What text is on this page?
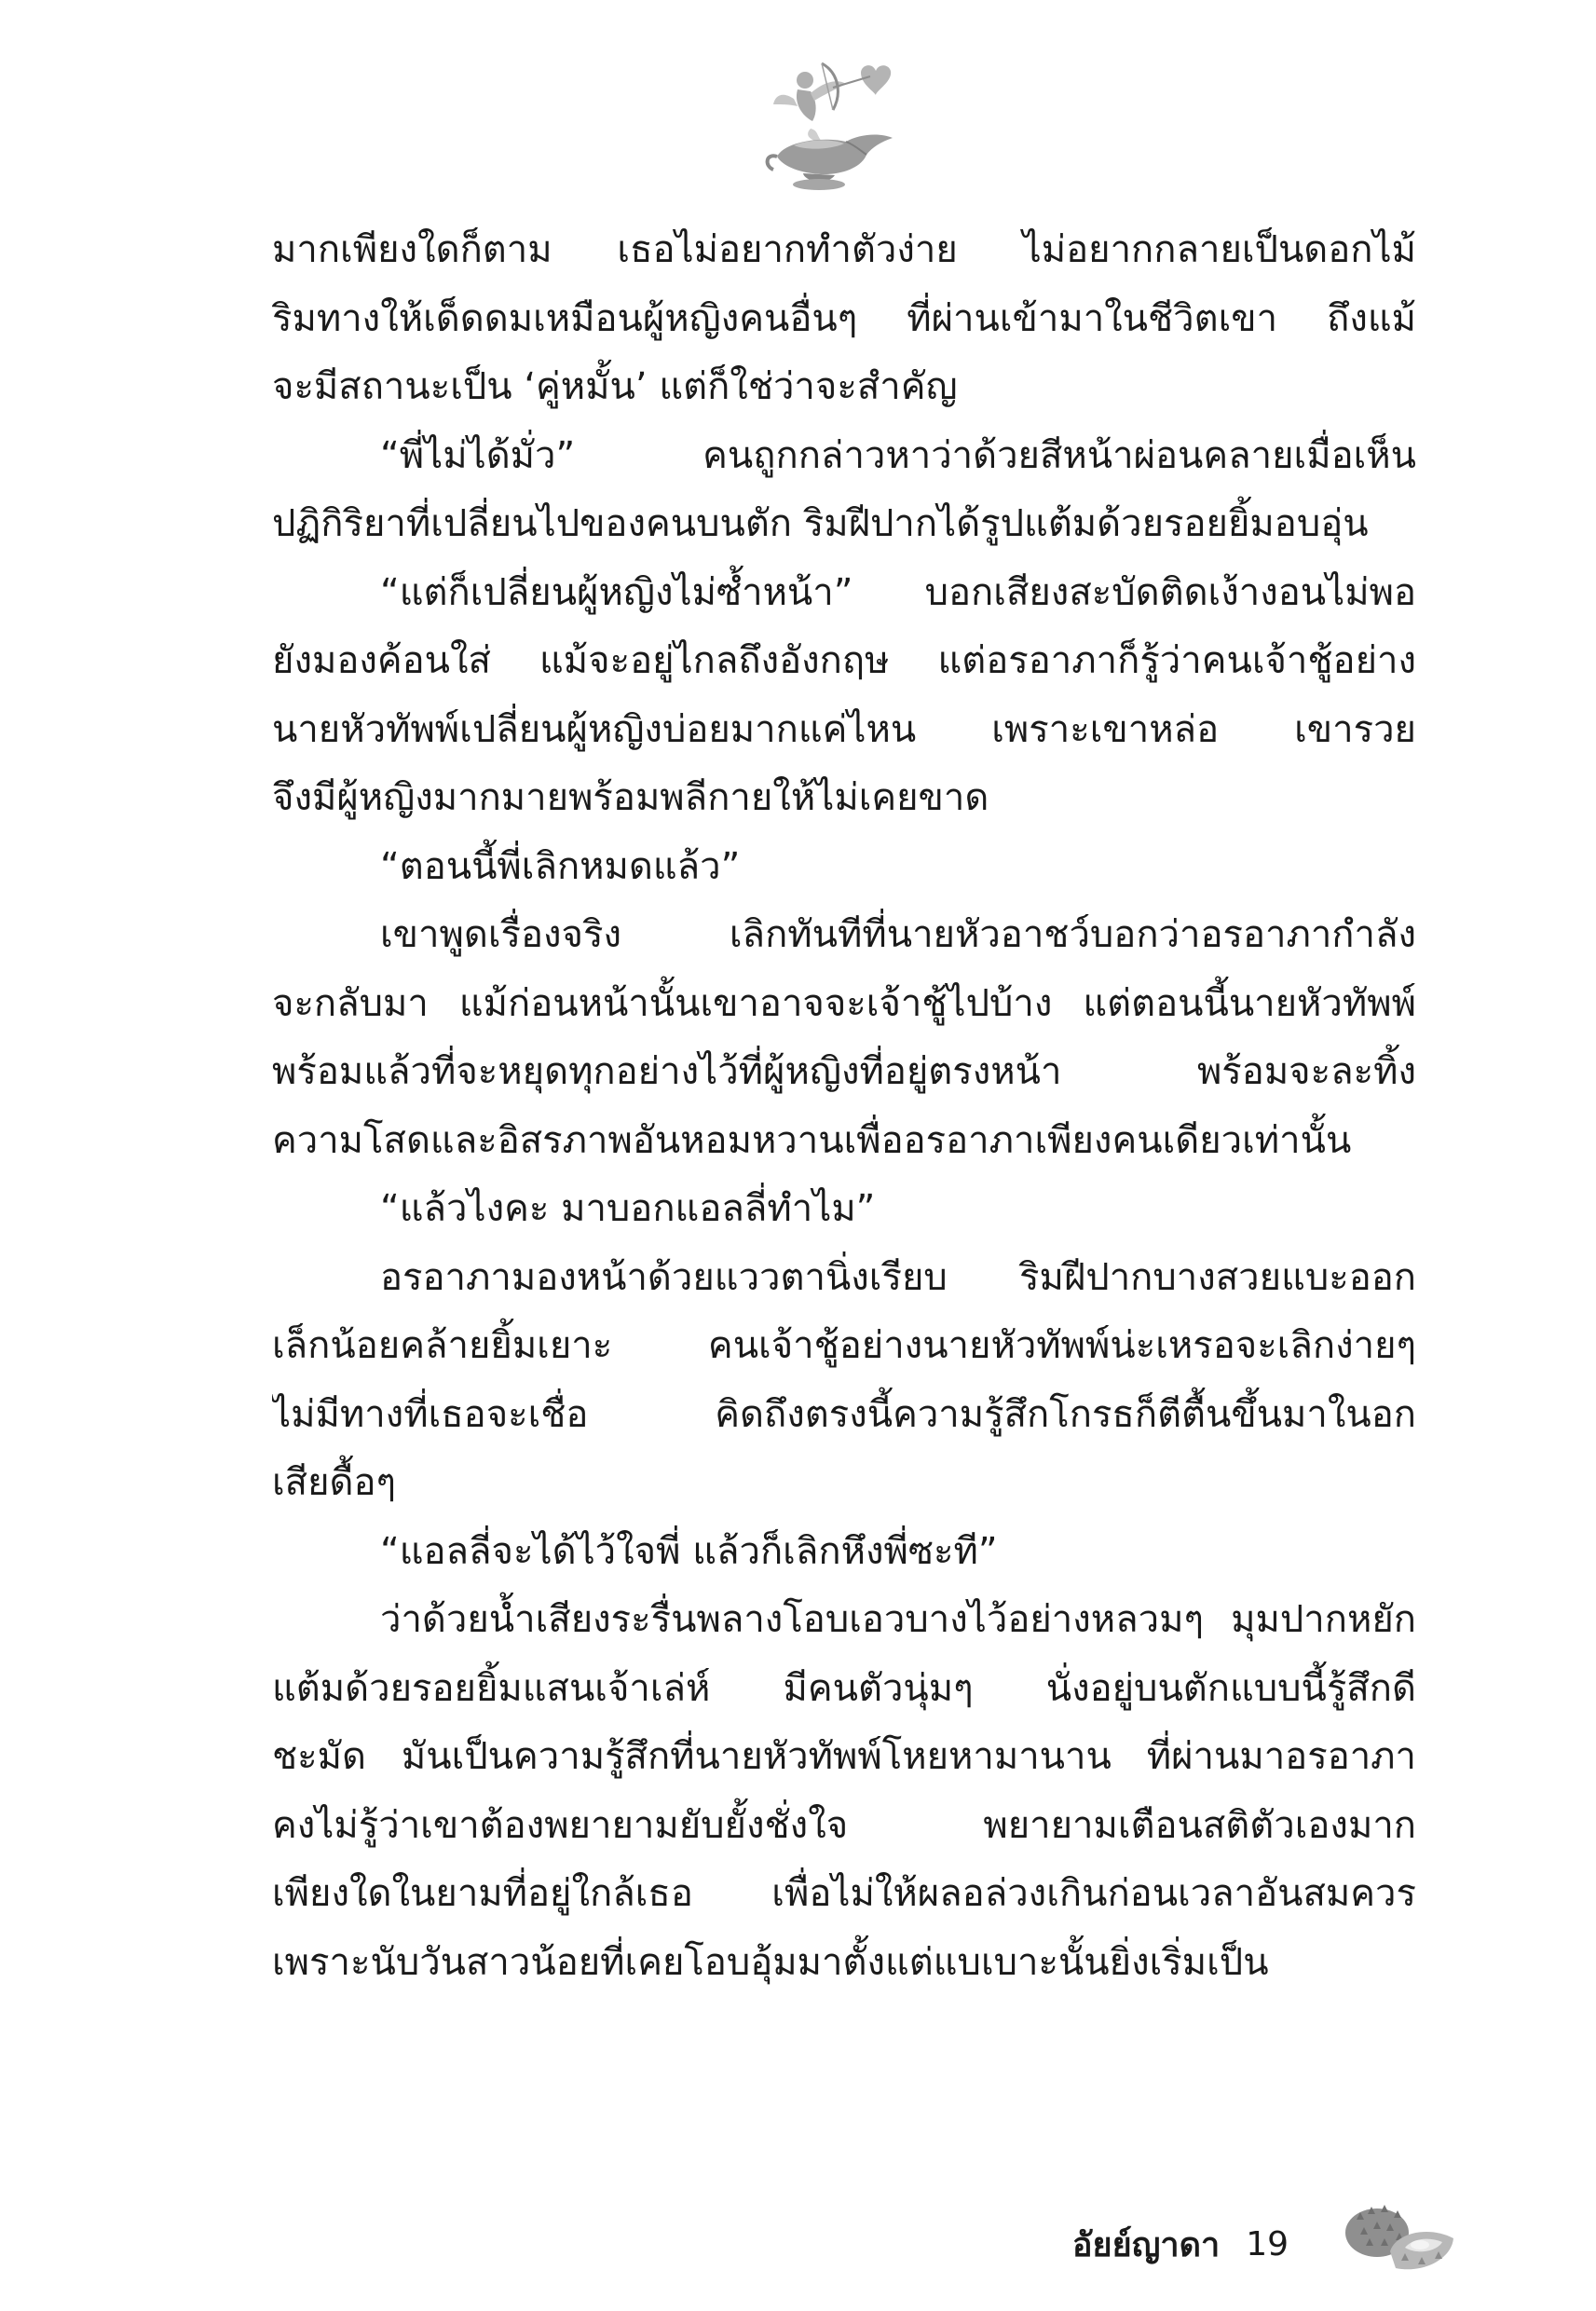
มากเพียงใดก็ตาม เธอไม่อยากทำตัวง่าย ไม่อยากกลายเป็นดอกไม้
ริมทางให้เด็ดดมเหมือนผู้หญิงคนอื่นๆ ที่ผ่านเข้ามาในชีวิตเขา ถึงแม้
จะมีสถานะเป็น ‘คู่หมั้น’ แต่ก็ใช่ว่าจะสำคัญ
“พี่ไม่ได้มั่ว” คนถูกกล่าวหาว่าด้วยสีหน้าผ่อนคลายเมื่อเห็น
ปฏิกิริยาที่เปลี่ยนไปของคนบนตัก ริมฝีปากได้รูปแต้มด้วยรอยยิ้มอบอุ่น
“แต่ก็เปลี่ยนผู้หญิงไม่ซ้ำหน้า” บอกเสียงสะบัดติดเง้างอนไม่พอ
ยังมองค้อนใส่ แม้จะอยู่ไกลถึงอังกฤษ แต่อรอาภาก็รู้ว่าคนเจ้าชู้อย่าง
นายหัวทัพพ์เปลี่ยนผู้หญิงบ่อยมากแค่ไหน เพราะเขาหล่อ เขารวย
จึงมีผู้หญิงมากมายพร้อมพลีกายให้ไม่เคยขาด
“ตอนนี้พี่เลิกหมดแล้ว”
เขาพูดเรื่องจริง เลิกทันทีที่นายหัวอาชว์บอกว่าอรอาภากำลัง
จะกลับมา แม้ก่อนหน้านั้นเขาอาจจะเจ้าชู้ไปบ้าง แต่ตอนนี้นายหัวทัพพ์
พร้อมแล้วที่จะหยุดทุกอย่างไว้ที่ผู้หญิงที่อยู่ตรงหน้า พร้อมจะละทิ้ง
ความโสดและอิสรภาพอันหอมหวานเพื่ออรอาภาเพียงคนเดียวเท่านั้น
“แล้วไงคะ มาบอกแอลลี่ทำไม”
อรอาภามองหน้าด้วยแววตานิ่งเรียบ ริมฝีปากบางสวยแบะออก
เล็กน้อยคล้ายยิ้มเยาะ คนเจ้าชู้อย่างนายหัวทัพพ์น่ะเหรอจะเลิกง่ายๆ
ไม่มีทางที่เธอจะเชื่อ คิดถึงตรงนี้ความรู้สึกโกรธก็ตีตื้นขึ้นมาในอก
เสียดื้อๆ
“แอลลี่จะได้ไว้ใจพี่ แล้วก็เลิกหึงพี่ซะที”
ว่าด้วยน้ำเสียงระรื่นพลางโอบเอวบางไว้อย่างหลวมๆ มุมปากหยัก
แต้มด้วยรอยยิ้มแสนเจ้าเล่ห์ มีคนตัวนุ่มๆ นั่งอยู่บนตักแบบนี้รู้สึกดี
ชะมัด มันเป็นความรู้สึกที่นายหัวทัพพ์โหยหามานาน ที่ผ่านมาอรอาภา
คงไม่รู้ว่าเขาต้องพยายามยับยั้งชั่งใจ พยายามเตือนสติตัวเองมาก
เพียงใดในยามที่อยู่ใกล้เธอ เพื่อไม่ให้ผลอล่วงเกินก่อนเวลาอันสมควร
เพราะนับวันสาวน้อยที่เคยโอบอุ้มมาตั้งแต่แบเบาะนั้นยิ่งเริ่มเป็น
อัยย์ญาดา 19
